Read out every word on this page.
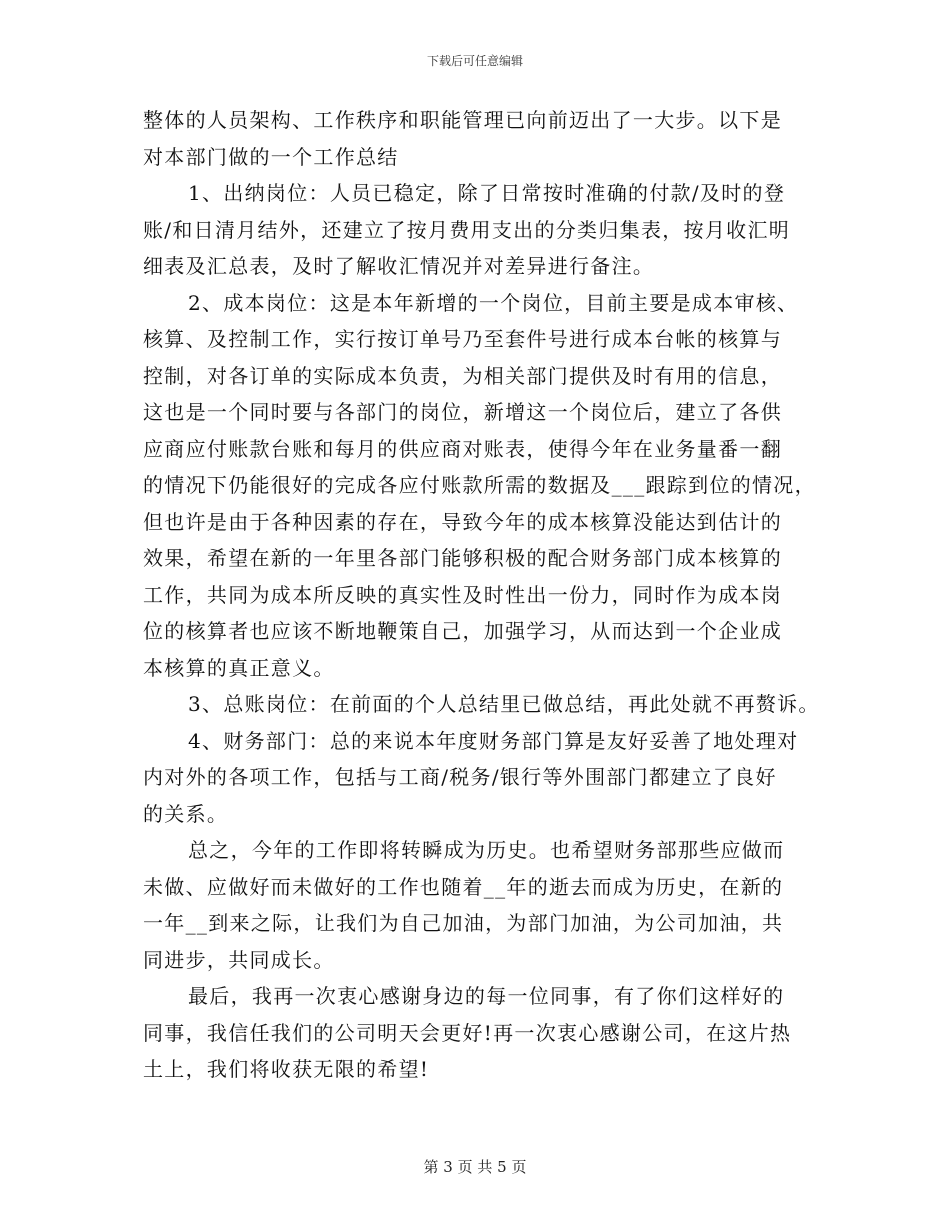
下载后可任意编辑
整体的人员架构、工作秩序和职能管理已向前迈出了一大步。以下是
对本部门做的一个工作总结
1、出纳岗位：人员已稳定，除了日常按时准确的付款/及时的登
账/和日清月结外，还建立了按月费用支出的分类归集表，按月收汇明
细表及汇总表，及时了解收汇情况并对差异进行备注。
2、成本岗位：这是本年新增的一个岗位，目前主要是成本审核、
核算、及控制工作，实行按订单号乃至套件号进行成本台帐的核算与
控制，对各订单的实际成本负责，为相关部门提供及时有用的信息，
这也是一个同时要与各部门的岗位，新增这一个岗位后，建立了各供
应商应付账款台账和每月的供应商对账表，使得今年在业务量番一翻
的情况下仍能很好的完成各应付账款所需的数据及___跟踪到位的情况，
但也许是由于各种因素的存在，导致今年的成本核算没能达到估计的
效果，希望在新的一年里各部门能够积极的配合财务部门成本核算的
工作，共同为成本所反映的真实性及时性出一份力，同时作为成本岗
位的核算者也应该不断地鞭策自己，加强学习，从而达到一个企业成
本核算的真正意义。
3、总账岗位：在前面的个人总结里已做总结，再此处就不再赘诉。
4、财务部门：总的来说本年度财务部门算是友好妥善了地处理对
内对外的各项工作，包括与工商/税务/银行等外围部门都建立了良好
的关系。
总之，今年的工作即将转瞬成为历史。也希望财务部那些应做而
未做、应做好而未做好的工作也随着__年的逝去而成为历史，在新的
一年__到来之际，让我们为自己加油，为部门加油，为公司加油，共
同进步，共同成长。
最后，我再一次衷心感谢身边的每一位同事，有了你们这样好的
同事，我信任我们的公司明天会更好!再一次衷心感谢公司，在这片热
土上，我们将收获无限的希望!
第 3 页 共 5 页
